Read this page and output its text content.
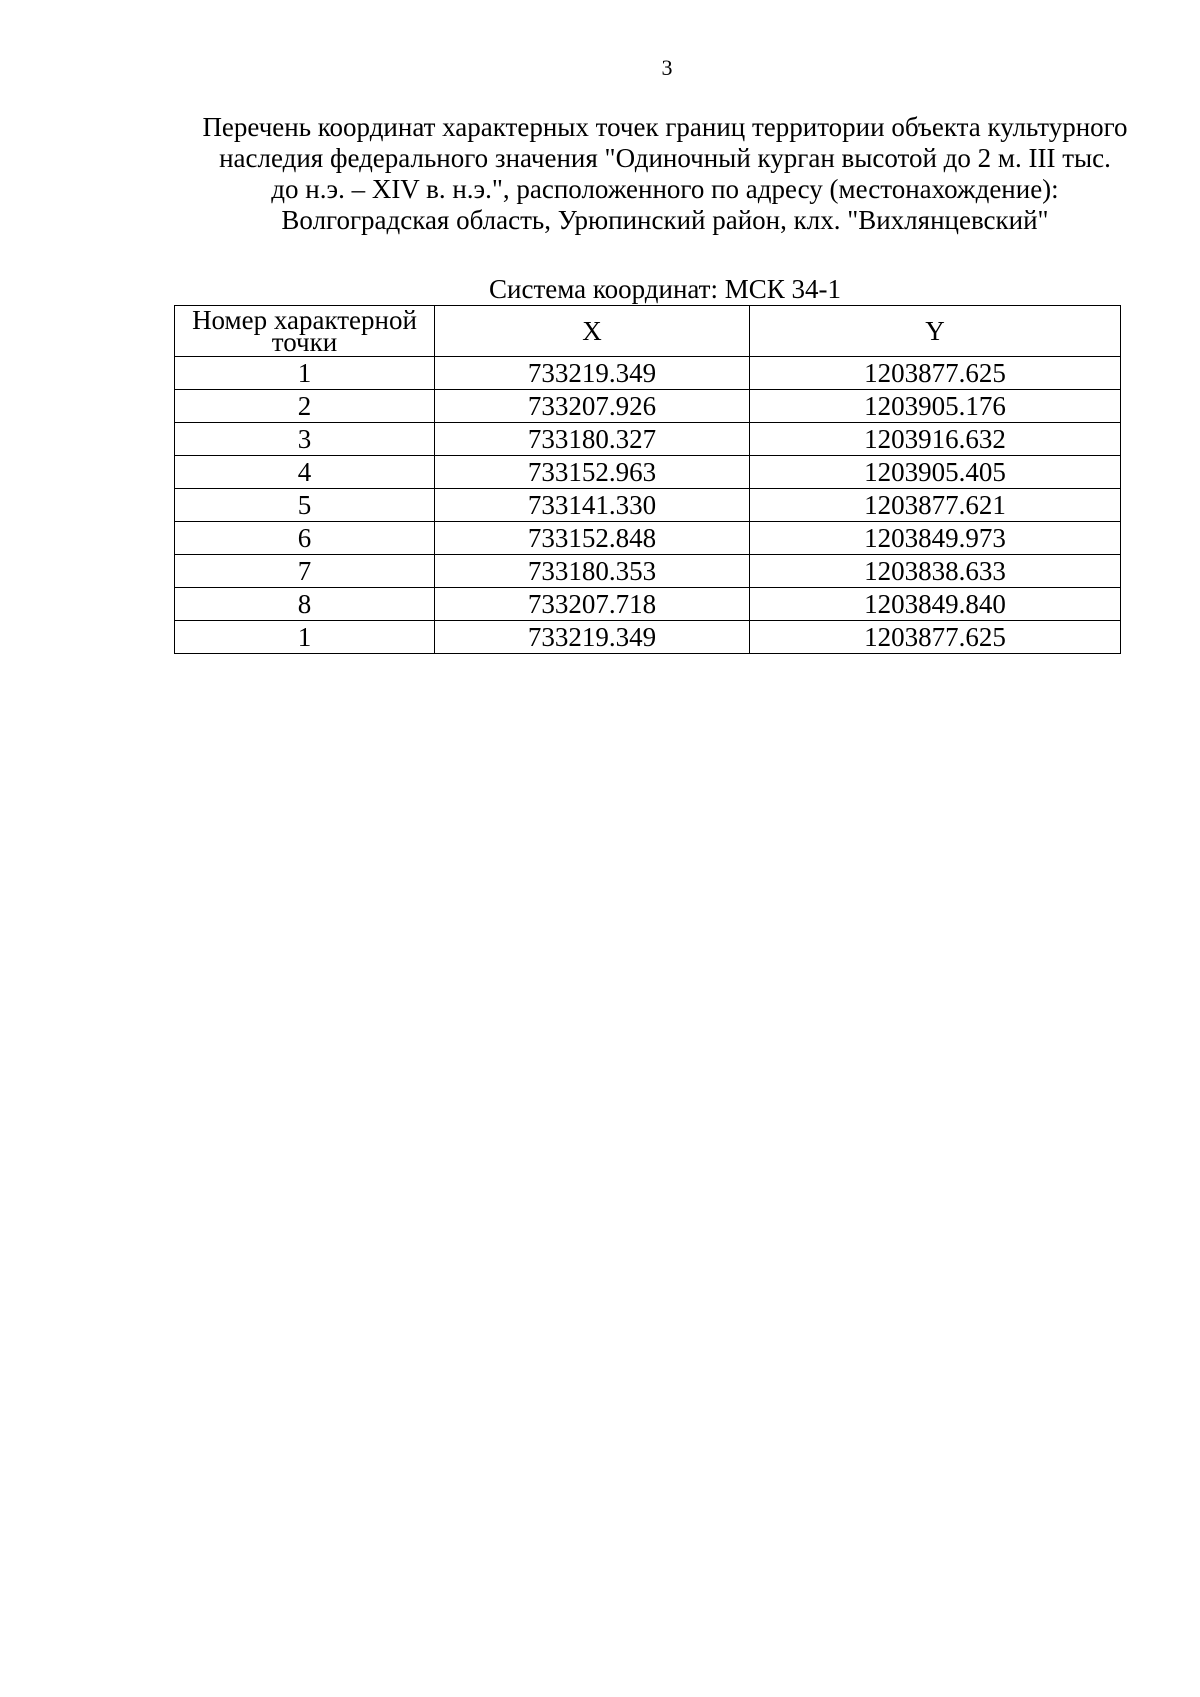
3
Перечень координат характерных точек границ территории объекта культурного
наследия федерального значения "Одиночный курган высотой до 2 м. III тыс.
до н.э. – XIV в. н.э.", расположенного по адресу (местонахождение):
Волгоградская область, Урюпинский район, клх. "Вихлянцевский"
Система координат: МСК 34-1
Номер характерной точки	X	Y
1	733219.349	1203877.625
2	733207.926	1203905.176
3	733180.327	1203916.632
4	733152.963	1203905.405
5	733141.330	1203877.621
6	733152.848	1203849.973
7	733180.353	1203838.633
8	733207.718	1203849.840
1	733219.349	1203877.625
